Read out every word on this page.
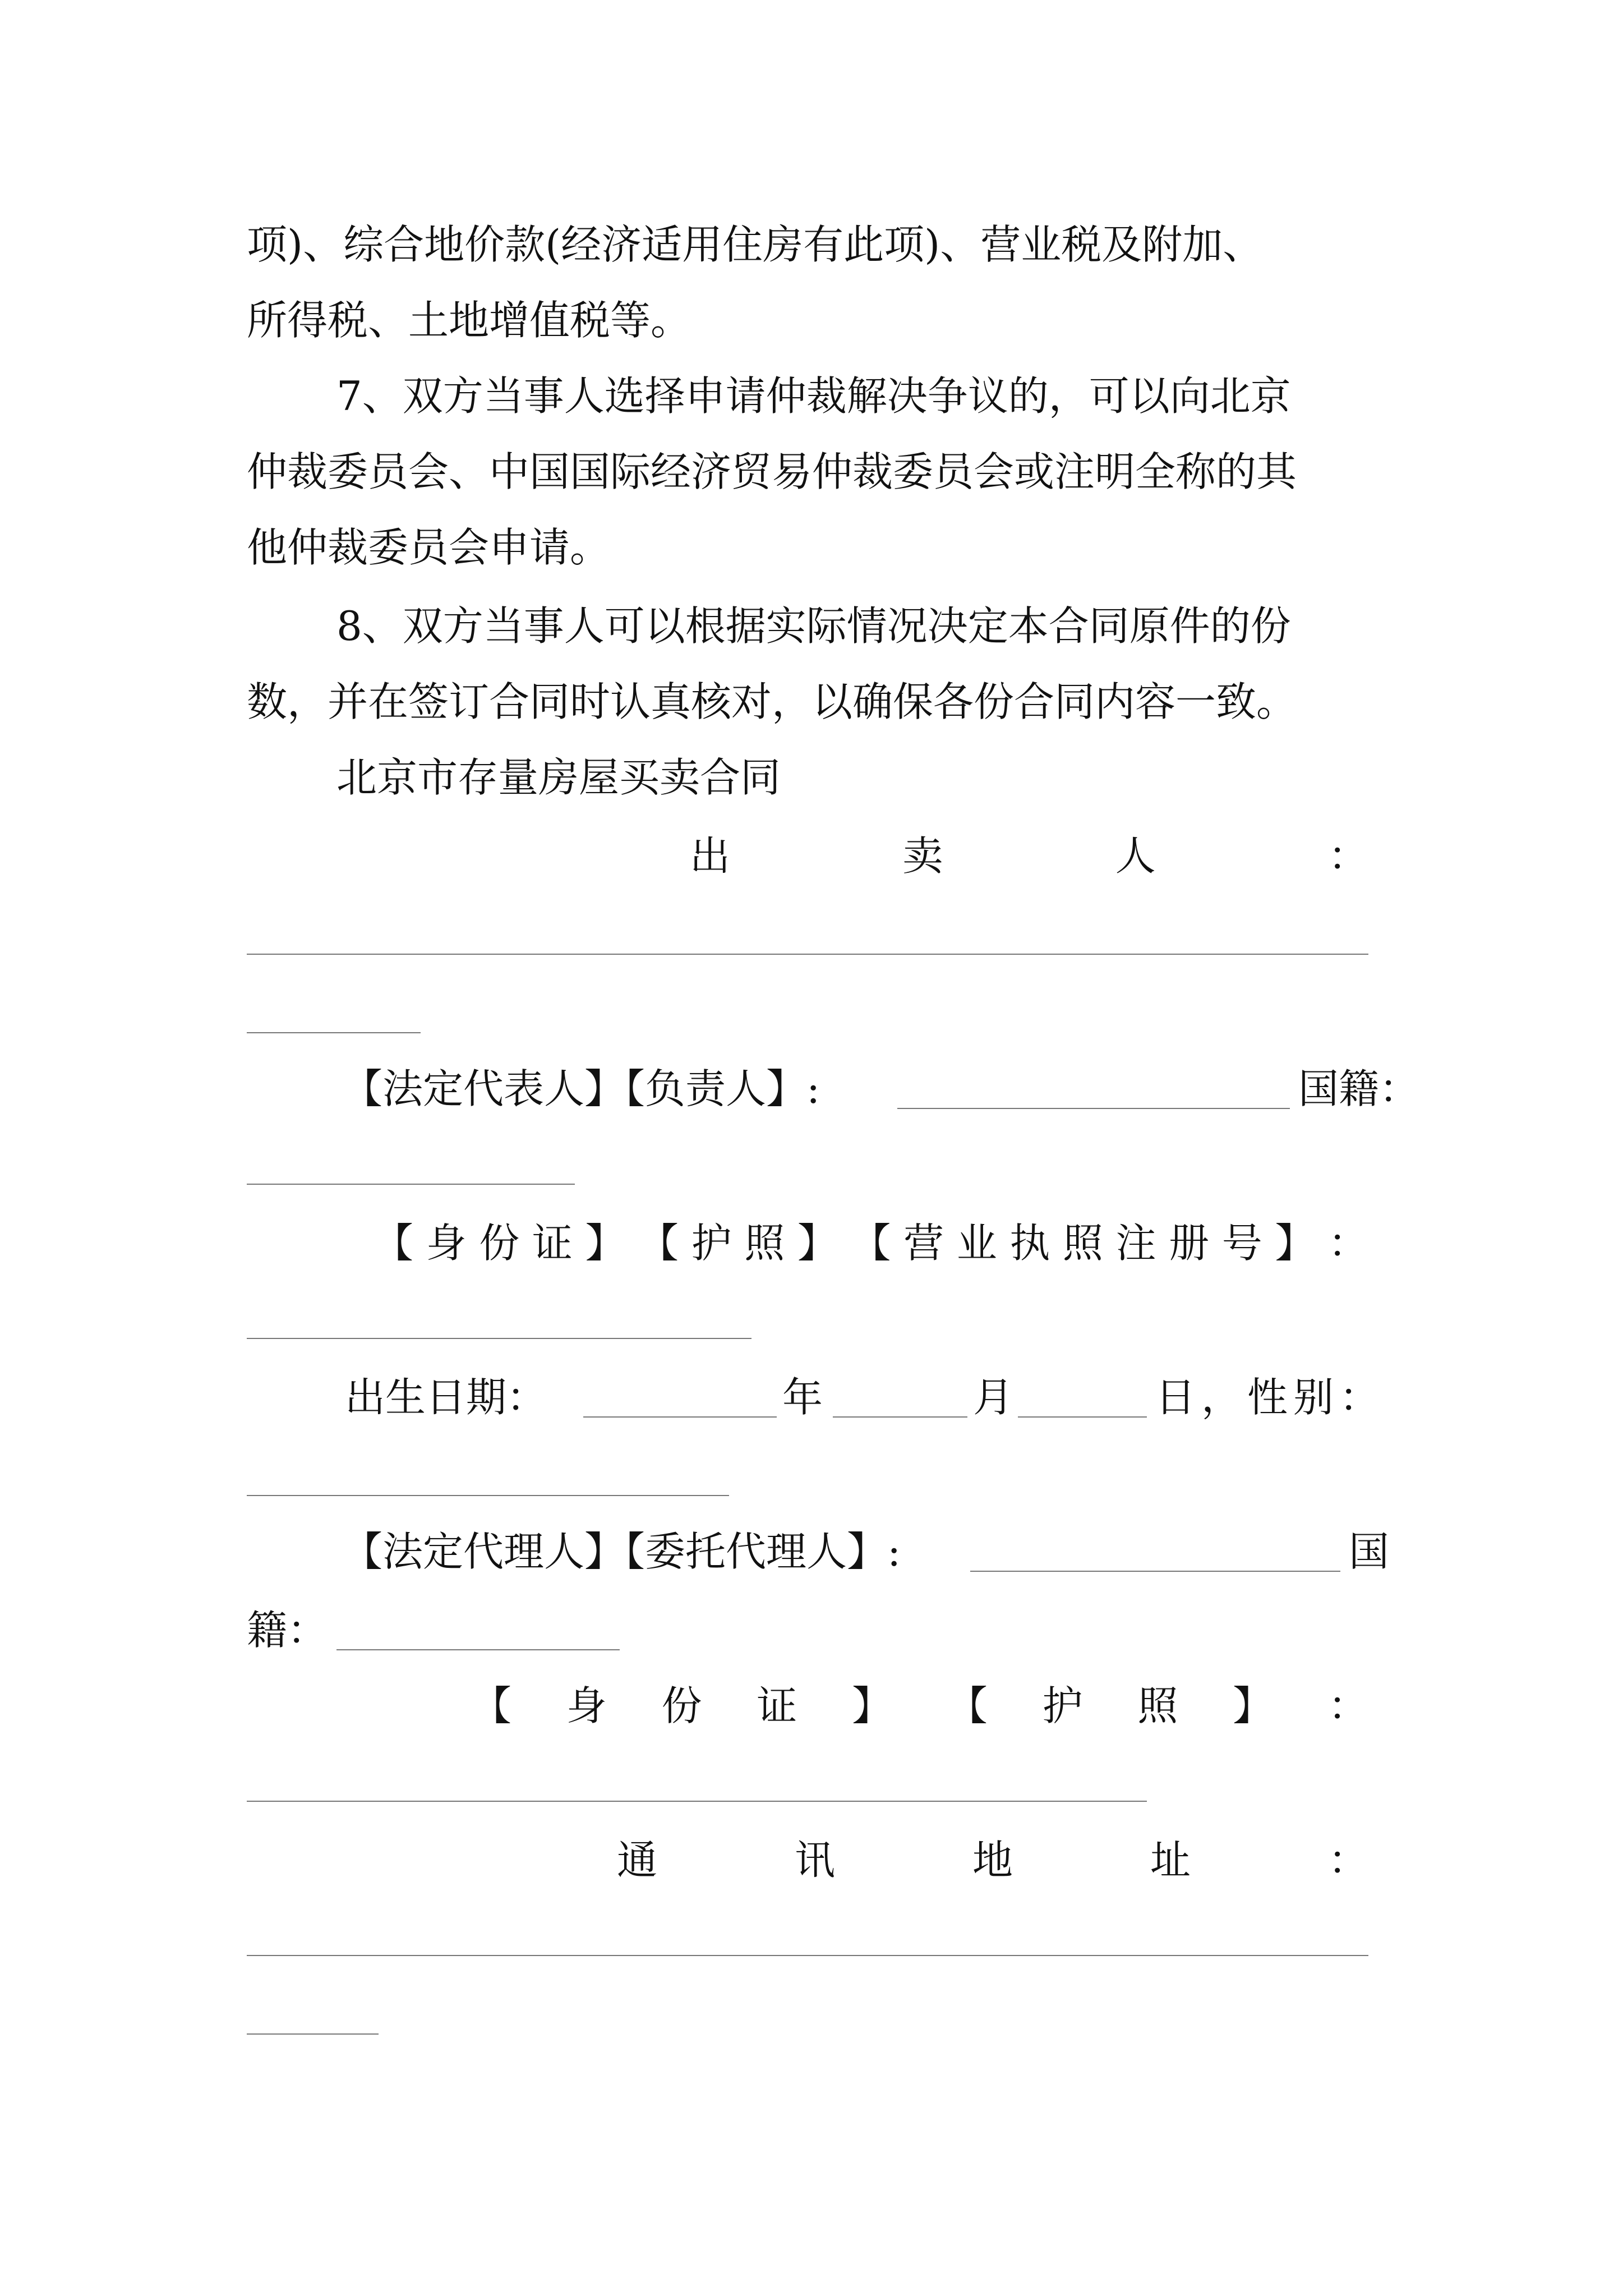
项)、综合地价款(经济适用住房有此项)、营业税及附加、
所得税、土地增值税等。
7、双方当事人选择申请仲裁解决争议的，可以向北京
仲裁委员会、中国国际经济贸易仲裁委员会或注明全称的其
他仲裁委员会申请。
8、双方当事人可以根据实际情况决定本合同原件的份
数，并在签订合同时认真核对，以确保各份合同内容一致。
北京市存量房屋买卖合同
出	卖	人	：
【法定代表人】【负责人】:	国籍：
【 身 份 证 】 【 护 照 】 【 营 业 执 照 注 册 号 】 ：
出生日期：	年	月	日，性别：
【法定代理人】【委托代理人】:	国
籍：
【 身 份 证 】 【 护 照 】 ：
通	讯	地	址	：
